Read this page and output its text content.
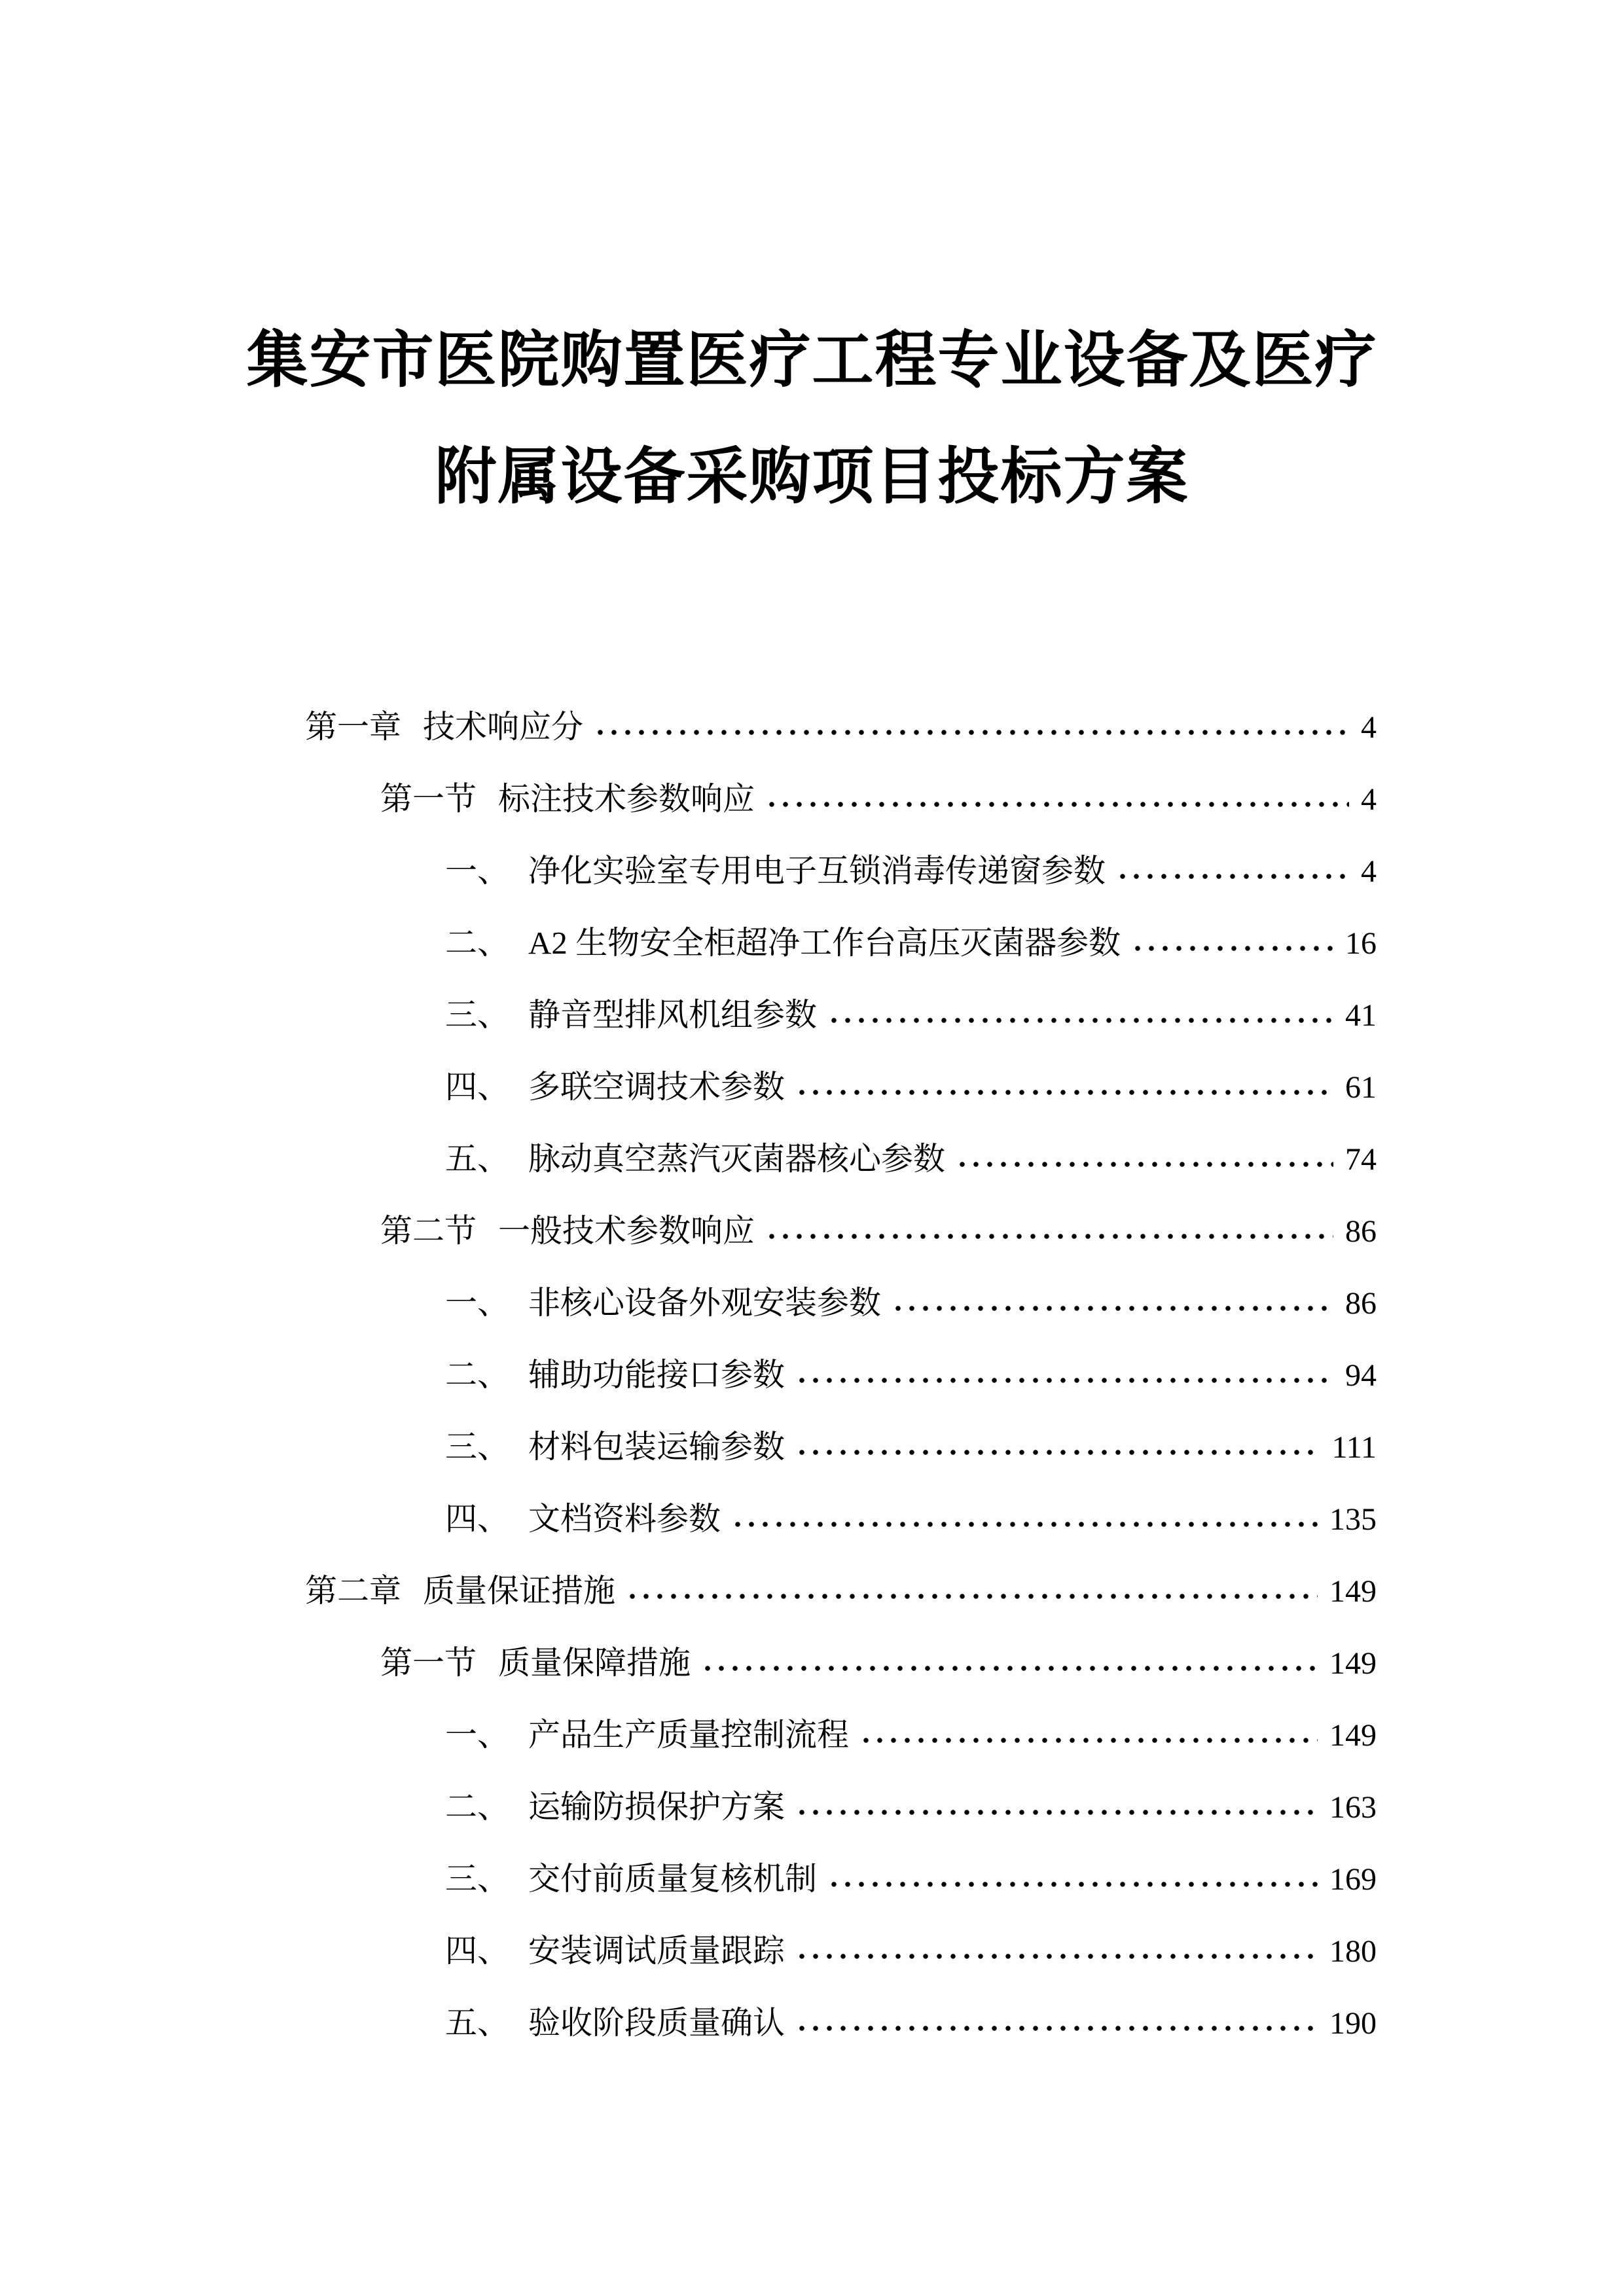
集安市医院购置医疗工程专业设备及医疗
附属设备采购项目投标方案
第一章 技术响应分	4
第一节 标注技术参数响应	4
一、 净化实验室专用电子互锁消毒传递窗参数	4
二、 A2 生物安全柜超净工作台高压灭菌器参数	16
三、 静音型排风机组参数	41
四、 多联空调技术参数	61
五、 脉动真空蒸汽灭菌器核心参数	74
第二节 一般技术参数响应	86
一、 非核心设备外观安装参数	86
二、 辅助功能接口参数	94
三、 材料包装运输参数	111
四、 文档资料参数	135
第二章 质量保证措施	149
第一节 质量保障措施	149
一、 产品生产质量控制流程	149
二、 运输防损保护方案	163
三、 交付前质量复核机制	169
四、 安装调试质量跟踪	180
五、 验收阶段质量确认	190
